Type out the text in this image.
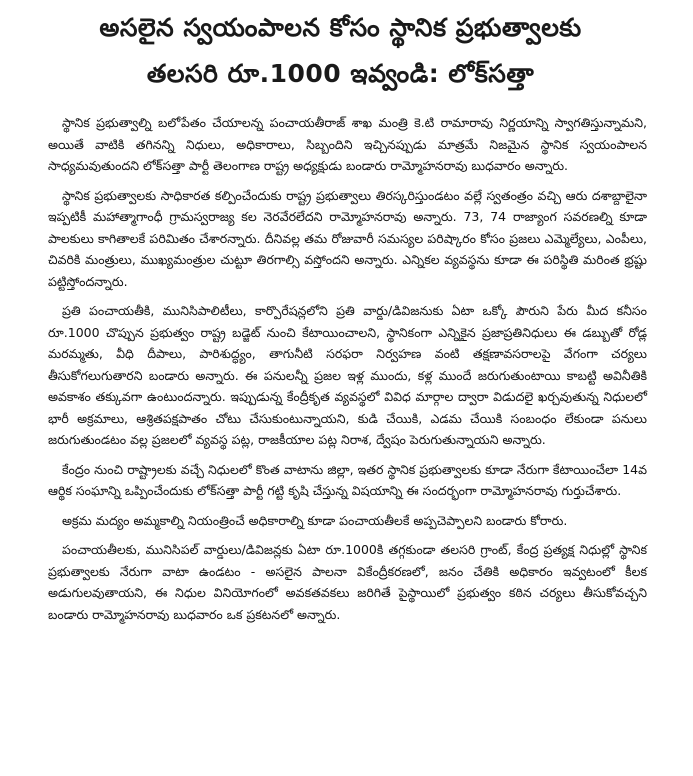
అసలైన స్వయంపాలన కోసం స్థానిక ప్రభుత్వాలకు
తలసరి రూ.1000 ఇవ్వండి: లోక్‌సత్తా

స్థానిక ప్రభుత్వాల్ని బలోపేతం చేయాలన్న పంచాయతీరాజ్ శాఖ మంత్రి కె.టి రామారావు నిర్ణయాన్ని స్వాగతిస్తున్నామని, అయితే వాటికి తగినన్ని నిధులు, అధికారాలు, సిబ్బందిని ఇచ్చినప్పుడు మాత్రమే నిజమైన స్థానిక స్వయంపాలన సాధ్యమవుతుందని లోక్‌సత్తా పార్టీ తెలంగాణ రాష్ట్ర అధ్యక్షుడు బండారు రామ్మోహనరావు బుధవారం అన్నారు.

స్థానిక ప్రభుత్వాలకు సాధికారత కల్పించేందుకు రాష్ట్ర ప్రభుత్వాలు తిరస్కరిస్తుండటం వల్లే స్వతంత్రం వచ్చి ఆరు దశాబ్దాలైనా ఇప్పటికీ మహాత్మాగాంధీ గ్రామస్వరాజ్య కల నెరవేరలేదని రామ్మోహనరావు అన్నారు. 73, 74 రాజ్యాంగ సవరణల్ని కూడా పాలకులు కాగితాలకే పరిమితం చేశారన్నారు. దీనివల్ల తమ రోజువారీ సమస్యల పరిష్కారం కోసం ప్రజలు ఎమ్మెల్యేలు, ఎంపీలు, చివరికి మంత్రులు, ముఖ్యమంత్రుల చుట్టూ తిరగాల్సి వస్తోందని అన్నారు. ఎన్నికల వ్యవస్థను కూడా ఈ పరిస్థితి మరింత భ్రష్టు పట్టిస్తోందన్నారు.

ప్రతి పంచాయతీకి, మునిసిపాలిటీలు, కార్పొరేషన్లలోని ప్రతి వార్డు/డివిజనుకు ఏటా ఒక్కో పౌరుని పేరు మీద కనీసం రూ.1000 చొప్పున ప్రభుత్వం రాష్ట్ర బడ్జెట్ నుంచి కేటాయించాలని, స్థానికంగా ఎన్నికైన ప్రజాప్రతినిధులు ఈ డబ్బుతో రోడ్ల మరమ్మతు, వీధి దీపాలు, పారిశుద్ధ్యం, తాగునీటి సరఫరా నిర్వహణ వంటి తక్షణావసరాలపై వేగంగా చర్యలు తీసుకోగలుగుతారని బండారు అన్నారు. ఈ పనులన్నీ ప్రజల ఇళ్ల ముందు, కళ్ల ముందే జరుగుతుంటాయి కాబట్టి అవినీతికి అవకాశం తక్కువగా ఉంటుందన్నారు. ఇప్పుడున్న కేంద్రీకృత వ్యవస్థలో వివిధ మార్గాల ద్వారా విడుదలై ఖర్చవుతున్న నిధులలో భారీ అక్రమాలు, ఆశ్రితపక్షపాతం చోటు చేసుకుంటున్నాయని, కుడి చేయికి, ఎడమ చేయికి సంబంధం లేకుండా పనులు జరుగుతుండటం వల్ల ప్రజలలో వ్యవస్థ పట్ల, రాజకీయాల పట్ల నిరాశ, ద్వేషం పెరుగుతున్నాయని అన్నారు.

కేంద్రం నుంచి రాష్ట్రాలకు వచ్చే నిధులలో కొంత వాటాను జిల్లా, ఇతర స్థానిక ప్రభుత్వాలకు కూడా నేరుగా కేటాయించేలా 14వ ఆర్థిక సంఘాన్ని ఒప్పించేందుకు లోక్‌సత్తా పార్టీ గట్టి కృషి చేస్తున్న విషయాన్ని ఈ సందర్భంగా రామ్మోహనరావు గుర్తుచేశారు.

అక్రమ మద్యం అమ్మకాల్ని నియంత్రించే అధికారాల్ని కూడా పంచాయతీలకే అప్పచెప్పాలని బండారు కోరారు.

పంచాయతీలకు, మునిసిపల్ వార్డులు/డివిజన్లకు ఏటా రూ.1000కి తగ్గకుండా తలసరి గ్రాంట్, కేంద్ర ప్రత్యక్ష నిధుల్లో స్థానిక ప్రభుత్వాలకు నేరుగా వాటా ఉండటం - అసలైన పాలనా వికేంద్రీకరణలో, జనం చేతికి అధికారం ఇవ్వటంలో కీలక అడుగులవుతాయని, ఈ నిధుల వినియోగంలో అవకతవకలు జరిగితే పైస్థాయిలో ప్రభుత్వం కఠిన చర్యలు తీసుకోవచ్చని బండారు రామ్మోహనరావు బుధవారం ఒక ప్రకటనలో అన్నారు.
